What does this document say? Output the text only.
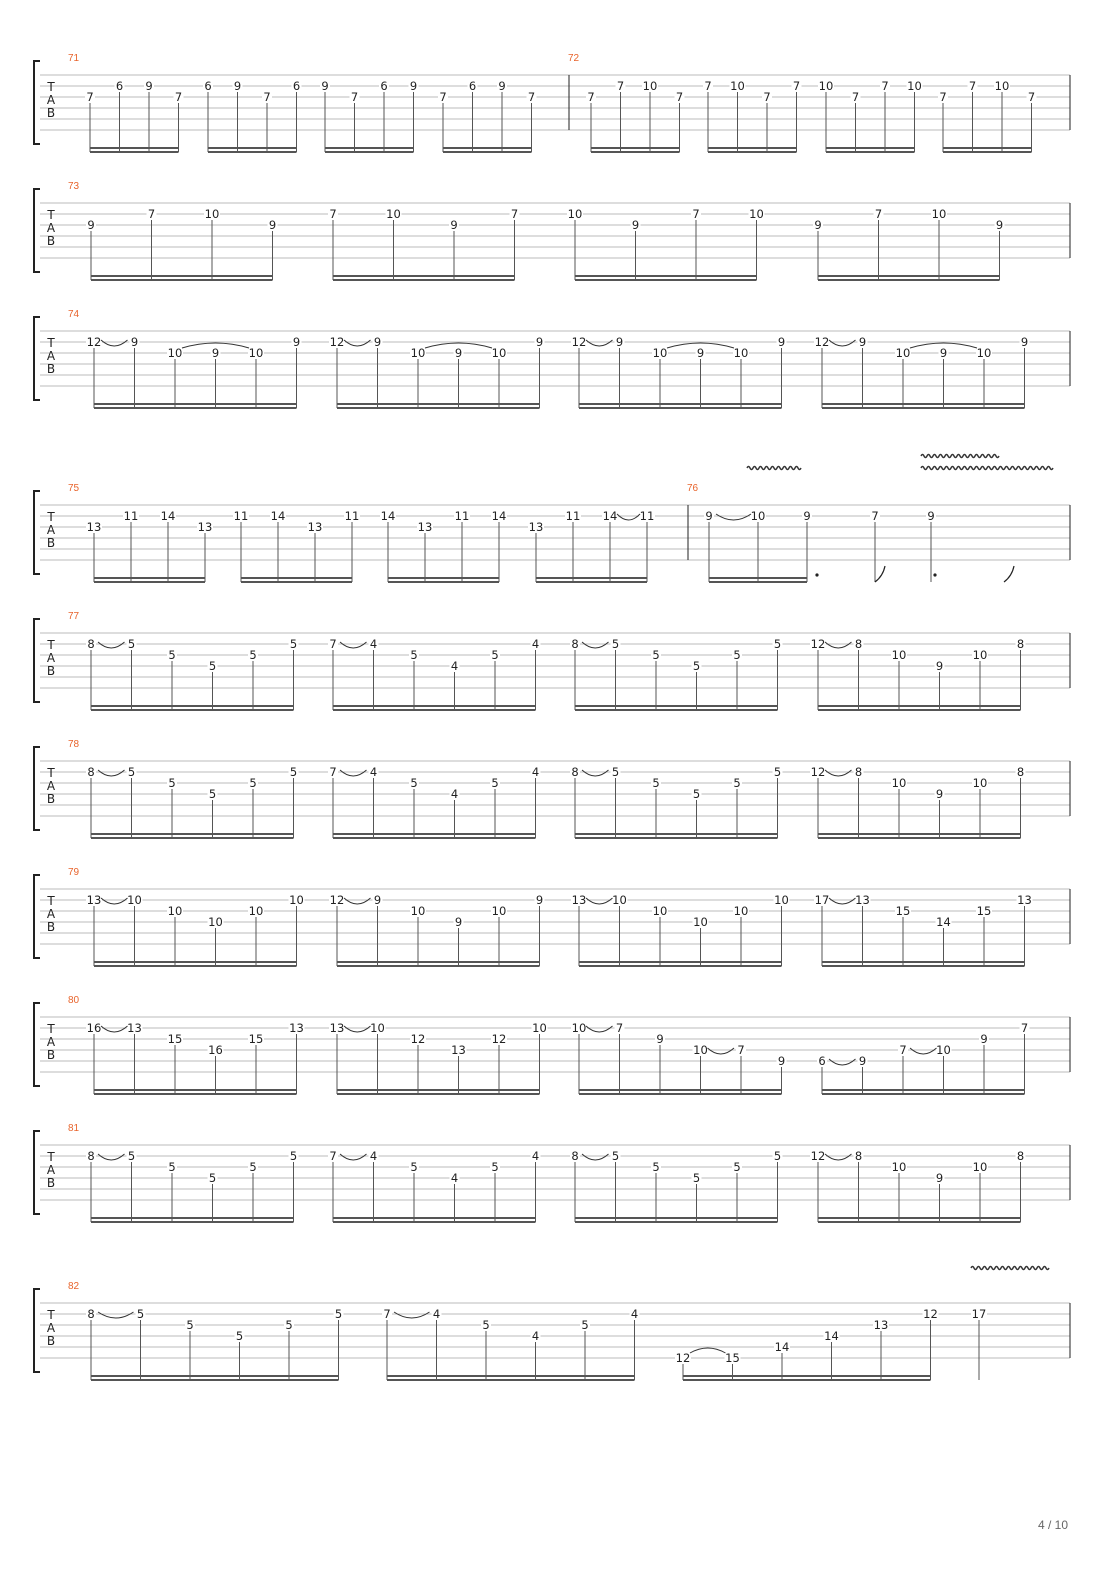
T
A
B
71
7
6 9
7
6 9
7
6 9
7
6 9
7
6 9
7
72
7
7 10
7
7 10
7
7 10
7
7 10
7
7 10
7
T
A
B
73
9
7	10
9
7	10
9
7	10
9
7	10
9
7	10
9
T
A
B
74
12	9
10	9	10
9	12	9
10	9	10
9 12	9
10	9	10
9	12	9
10	9	10
9
T
A
B
75
13
11 14
13
11 14
13
11 14
13
11 14
13
11 14 11
76
9	10	9	7	9
T
A
B
77
8	5
5
5
5
5	7	4
5
4
5
4	8	5
5
5
5
5	12	8
10
9
10
8
T
A
B
78
8	5
5
5
5
5	7	4
5
4
5
4	8	5
5
5
5
5	12	8
10
9
10
8
T
A
B
79
13 10
10
10
10
10 12	9
10
9
10
9 13 10
10
10
10
10 17 13
15
14
15
13
T
A
B
80
16 13
15
16
15
13 13 10
12
13
12
10 10	7
9
10	7
9	6	9
7	10
9
7
T
A
B
81
8	5
5
5
5
5	7	4
5
4
5
4	8	5
5
5
5
5	12	8
10
9
10
8
T
A
B
82
8	5
5
5
5
5	7	4
5
4
5
4
12	15
14
14
13
12	17
4 / 10
